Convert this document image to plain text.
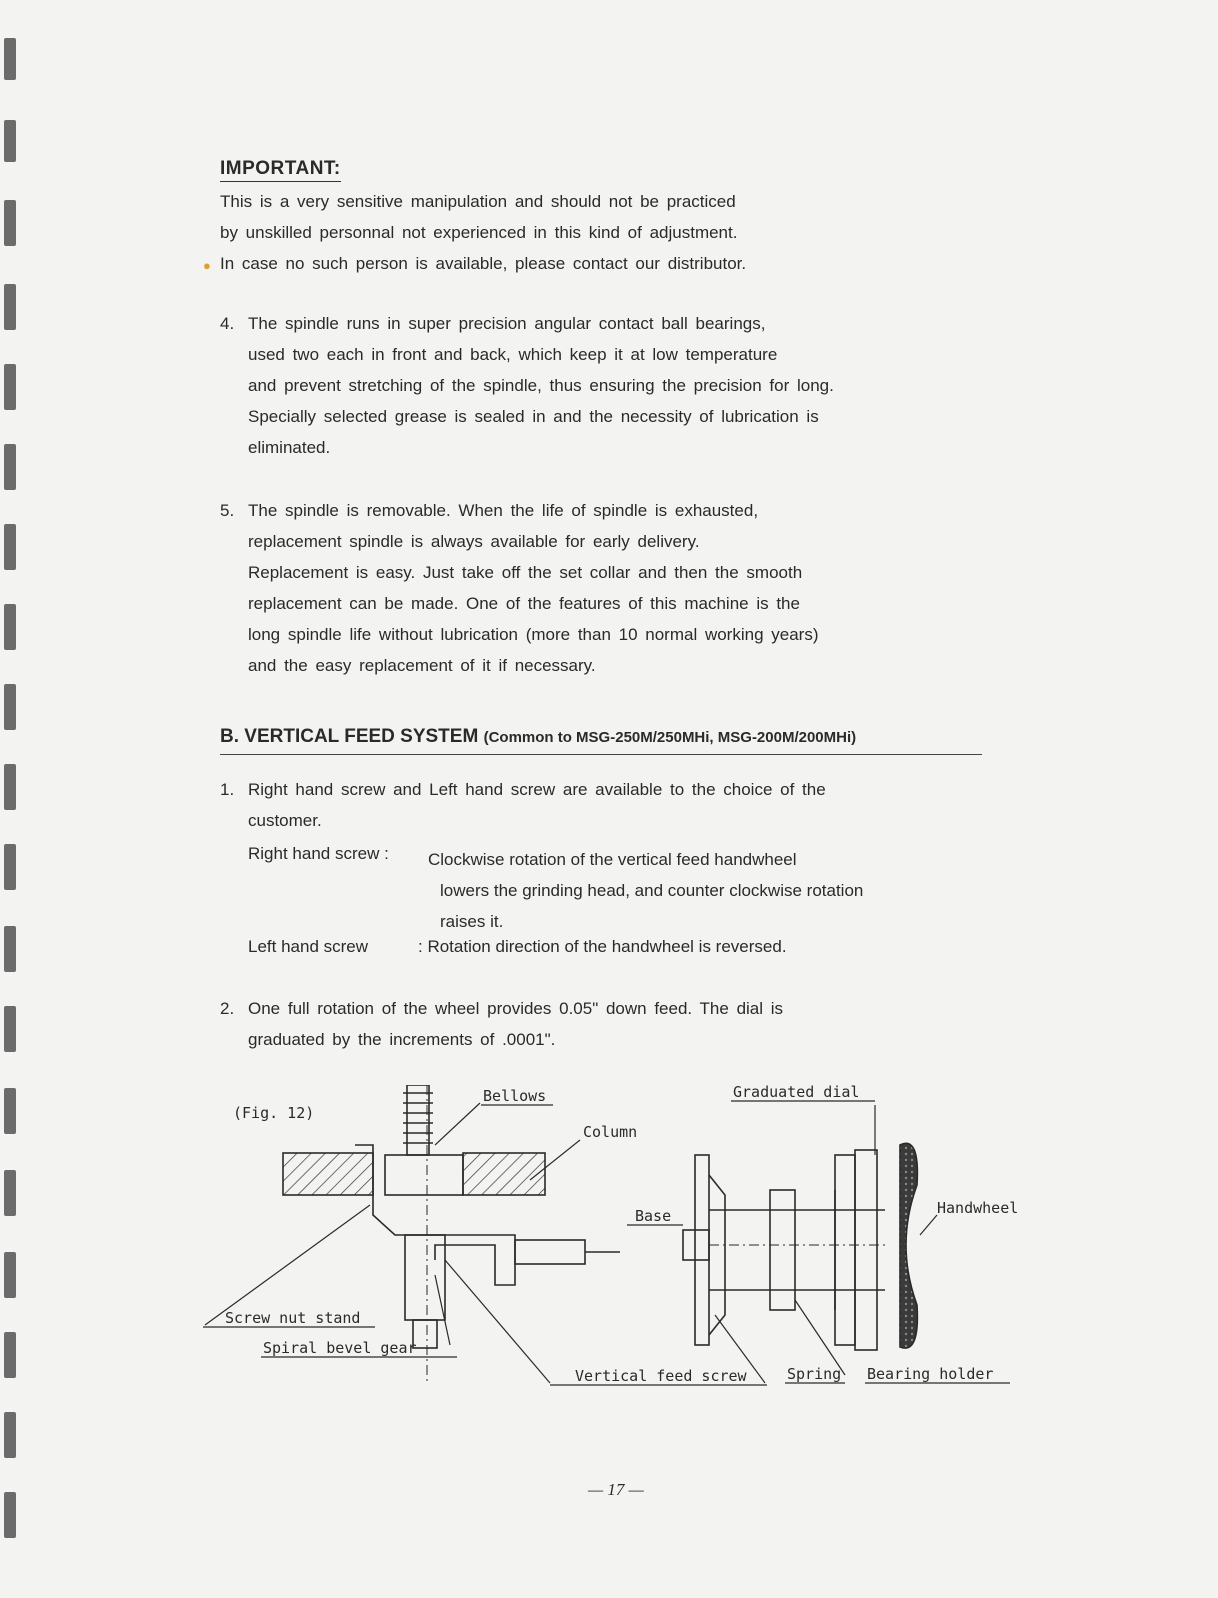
IMPORTANT:
●
This is a very sensitive manipulation and should not be practiced
by unskilled personnal not experienced in this kind of adjustment.
In case no such person is available, please contact our distributor.
4. The spindle runs in super precision angular contact ball bearings,
used two each in front and back, which keep it at low temperature
and prevent stretching of the spindle, thus ensuring the precision for long.
Specially selected grease is sealed in and the necessity of lubrication is
eliminated.
5. The spindle is removable. When the life of spindle is exhausted,
replacement spindle is always available for early delivery.
Replacement is easy. Just take off the set collar and then the smooth
replacement can be made. One of the features of this machine is the
long spindle life without lubrication (more than 10 normal working years)
and the easy replacement of it if necessary.
B. VERTICAL FEED SYSTEM (Common to MSG-250M/250MHi, MSG-200M/200MHi)
1. Right hand screw and Left hand screw are available to the choice of the
customer.
Right hand screw : Clockwise rotation of the vertical feed handwheel
lowers the grinding head, and counter clockwise rotation
raises it.
Left hand screw	: Rotation direction of the handwheel is reversed.
2. One full rotation of the wheel provides 0.05" down feed. The dial is
graduated by the increments of .0001".
(Fig. 12)
Bellows
Column
Graduated dial
Base	Handwheel
Screw nut stand
Spiral bevel gear
Vertical feed screw	Spring Bearing holder
— 17 —
